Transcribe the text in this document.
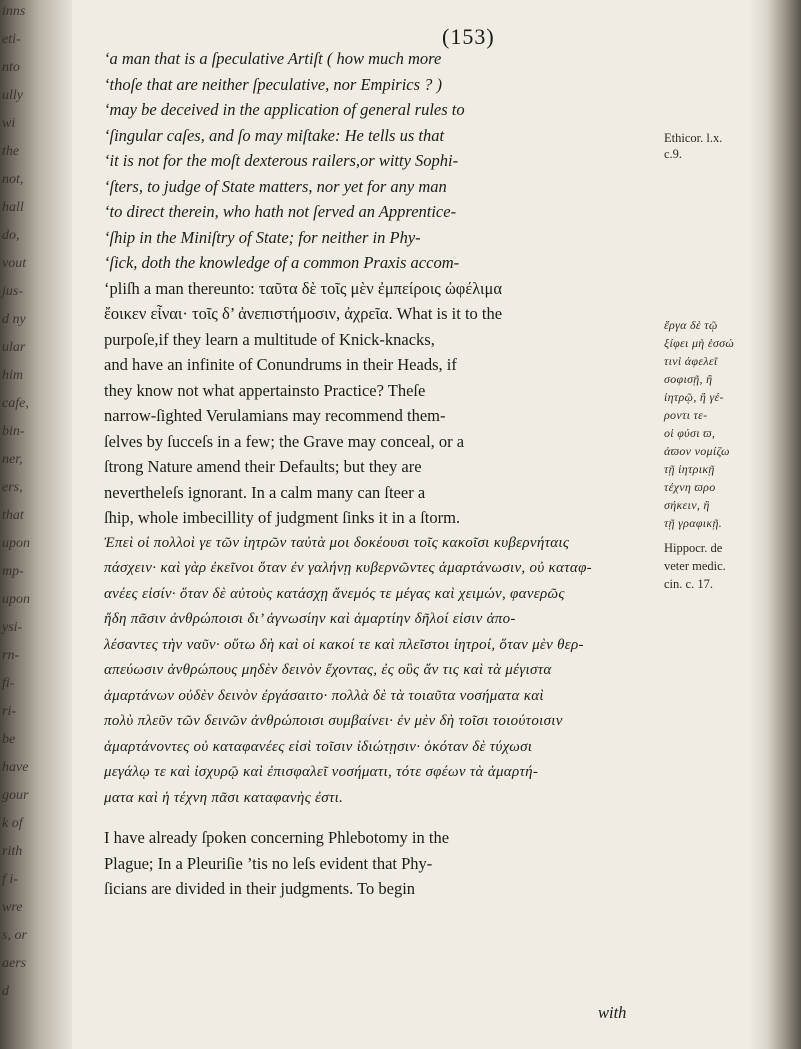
inns
eti-
nto
ully
wi
the
not,
hall
do,
vout
jus-
d ny
ular
him
cafe,
bin-
ner,
ers,
that
upon
mp-
upon
ysi-
rn-
fi-
ri-
be
have
gour
k of
rith
f i-
wre
s, or
aers
d
(153)
‘a man that is a ſpeculative Artiſt ( how much more
‘thoſe that are neither ſpeculative, nor Empirics ? )
‘may be deceived in the application of general rules to
‘ſingular caſes, and ſo may miſtake: He tells us that
‘it is not for the moſt dexterous railers,or witty Sophi-
‘ſters, to judge of State matters, nor yet for any man
‘to direct therein, who hath not ſerved an Apprentice-
‘ſhip in the Miniſtry of State; for neither in Phy-
‘ſick, doth the knowledge of a common Praxis accom-
‘pliſh a man thereunto: ταῦτα δὲ τοῖς μὲν ἐμπείροις ὠφέλιμα
ἔοικεν εἶναι· τοῖς δ’ ἀνεπιστήμοσιν, ἀχρεῖα. What is it to the
purpoſe,if they learn a multitude of Knick-knacks,
and have an infinite of Conundrums in their Heads, if
they know not what appertainsto Practice? Theſe
narrow-ſighted Verulamians may recommend them-
ſelves by ſucceſs in a few; the Grave may conceal, or a
ſtrong Nature amend their Defaults; but they are
nevertheleſs ignorant. In a calm many can ſteer a
ſhip, whole imbecillity of judgment ſinks it in a ſtorm.
Ἐπεὶ οἱ πολλοὶ γε τῶν ἰητρῶν ταὐτὰ μοι δοκέουσι τοῖς κακοῖσι κυβερνήταις
πάσχειν· καὶ γὰρ ἐκεῖνοι ὅταν ἐν γαλήνῃ κυβερνῶντες ἁμαρτάνωσιν, οὐ καταφ-
ανέες εἰσίν· ὅταν δὲ αὐτοὺς κατάσχῃ ἄνεμός τε μέγας καὶ χειμών, φανερῶς
ἤδη πᾶσιν ἀνθρώποισι δι’ ἀγνωσίην καὶ ἁμαρτίην δῆλοί εἰσιν ἀπο-
λέσαντες τὴν ναῦν· οὕτω δὴ καὶ οἱ κακοί τε καὶ πλεῖστοι ἰητροί, ὅταν μὲν θερ-
απεύωσιν ἀνθρώπους μηδὲν δεινὸν ἔχοντας, ἐς οὓς ἄν τις καὶ τὰ μέγιστα
ἁμαρτάνων οὐδὲν δεινὸν ἐργάσαιτο· πολλὰ δὲ τὰ τοιαῦτα νοσήματα καὶ
πολὺ πλεῦν τῶν δεινῶν ἀνθρώποισι συμβαίνει· ἐν μὲν δὴ τοῖσι τοιούτοισιν
ἁμαρτάνοντες οὐ καταφανέες εἰσὶ τοῖσιν ἰδιώτῃσιν· ὁκόταν δὲ τύχωσι
μεγάλῳ τε καὶ ἰσχυρῷ καὶ ἐπισφαλεῖ νοσήματι, τότε σφέων τὰ ἁμαρτή-
ματα καὶ ἡ τέχνη πᾶσι καταφανὴς ἐστι.
I have already ſpoken concerning Phlebotomy in the
Plague; In a Pleuriſie ’tis no leſs evident that Phy-
ſicians are divided in their judgments. To begin
Ethicor. l.x.
c.9.
ἔργα δὲ τῷ
ξίφει μὴ ἑσσώ
τινὶ ἀφελεῖ
σοφισῇ, ἢ
ἰητρῷ, ἢ γέ-
ροντι τε-
οἱ φύσι ϖ,
ἀϖον νομίζω
τῇ ἰητρικῇ
τέχνη ϖρο
σήκειν, ἢ
τῇ γραφικῇ.
Hippocr. de
veter medic.
cin. c. 17.
with
